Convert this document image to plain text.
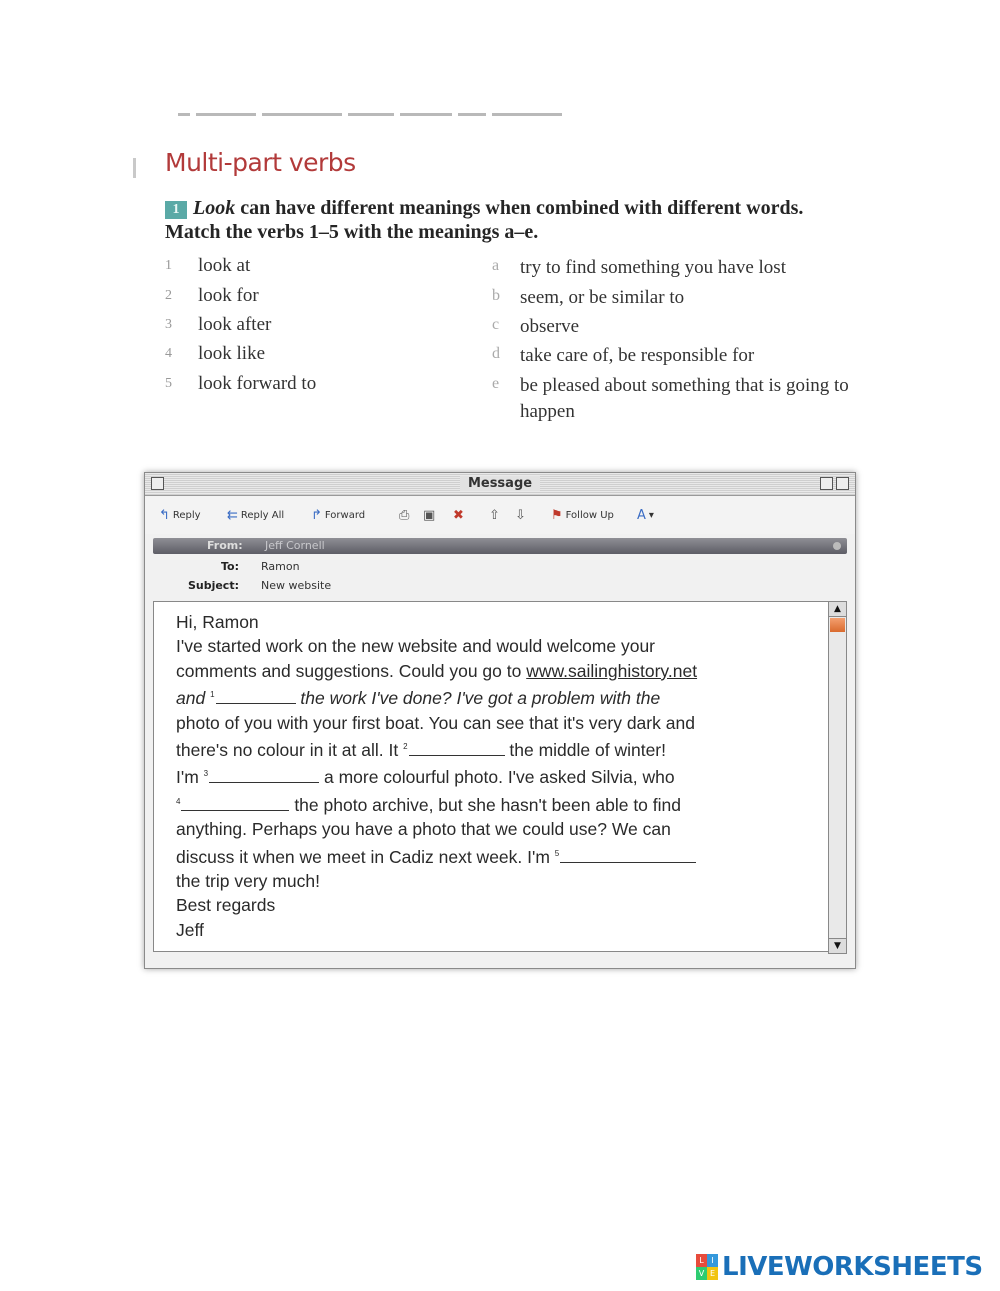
Multi-part verbs
1 Look can have different meanings when combined with different words. Match the verbs 1–5 with the meanings a–e.
1	look at	a try to find something you have lost
2	look for	b seem, or be similar to
3	look after	c observe
4	look like	d take care of, be responsible for
5	look forward to	e be pleased about something that is going to happen
Message
↰ Reply ⇇ Reply All ↱ Forward	⎙ ▣ ✖ ⇧ ⇩ ⚑ Follow Up A ▾
From: Jeff Cornell
To: Ramon
Subject: New website
Hi, Ramon
I've started work on the new website and would welcome your
comments and suggestions. Could you go to www.sailinghistory.net
and $^1$	the work I've done? I've got a problem with the
photo of you with your first boat. You can see that it's very dark and
there's no colour in it at all. It $^2$	the middle of winter!
I'm $^3$	a more colourful photo. I've asked Silvia, who
$^4$	the photo archive, but she hasn't been able to find
anything. Perhaps you have a photo that we could use? We can
discuss it when we meet in Cadiz next week. I'm $^5$
the trip very much!
Best regards
Jeff
▲
▼
L I
V E LIVEWORKSHEETS
